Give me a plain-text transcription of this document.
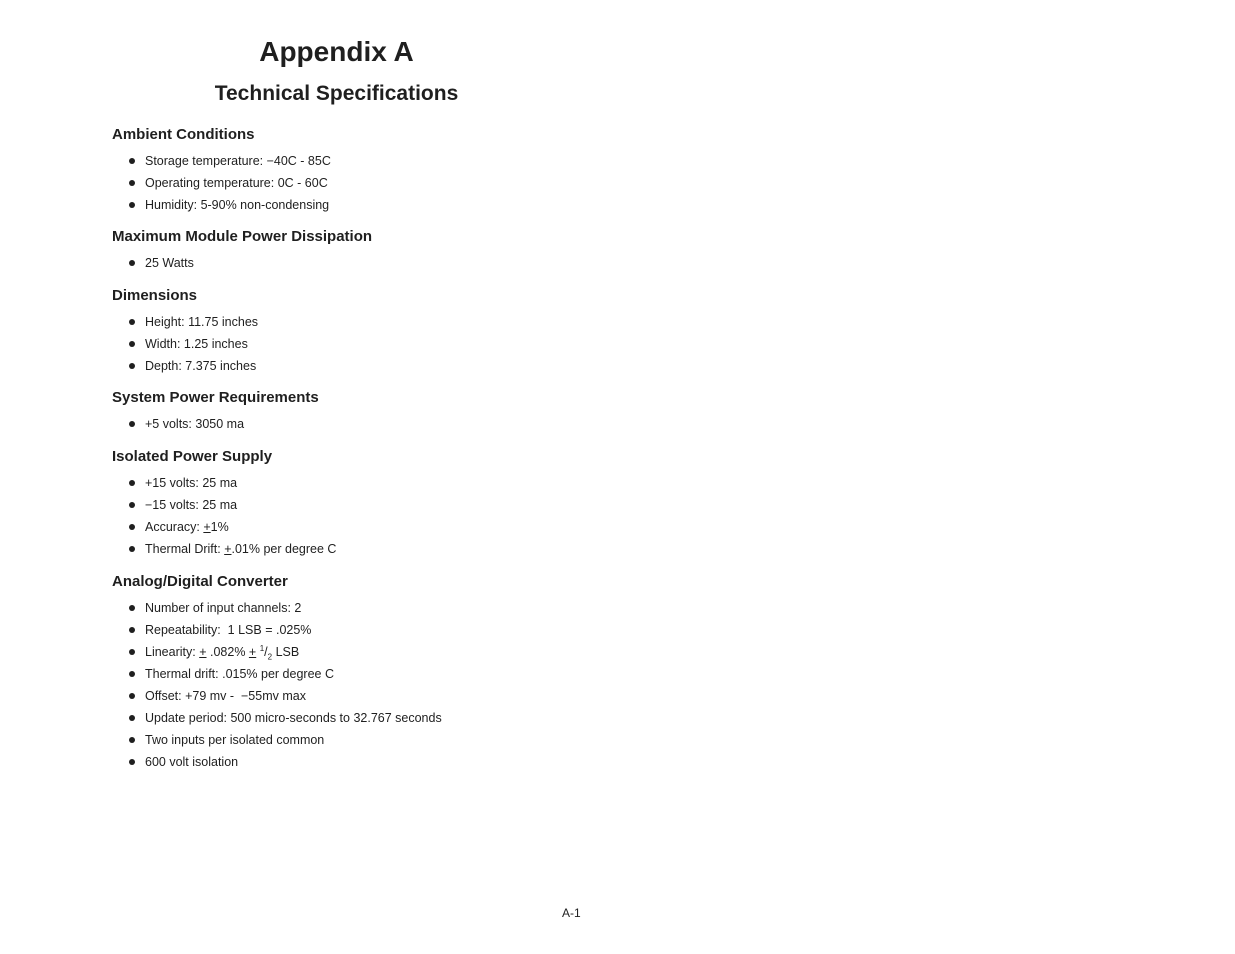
Appendix A
Technical Specifications
Ambient Conditions
Storage temperature: −40C - 85C
Operating temperature: 0C - 60C
Humidity: 5-90% non-condensing
Maximum Module Power Dissipation
25 Watts
Dimensions
Height: 11.75 inches
Width: 1.25 inches
Depth: 7.375 inches
System Power Requirements
+5 volts: 3050 ma
Isolated Power Supply
+15 volts: 25 ma
−15 volts: 25 ma
Accuracy: +1%
Thermal Drift: +.01% per degree C
Analog/Digital Converter
Number of input channels: 2
Repeatability:  1 LSB = .025%
Linearity: + $.082\% + ^1/_2$ LSB
Thermal drift: .015% per degree C
Offset: +79 mv -  −55mv max
Update period: 500 micro-seconds to 32.767 seconds
Two inputs per isolated common
600 volt isolation
A-1
